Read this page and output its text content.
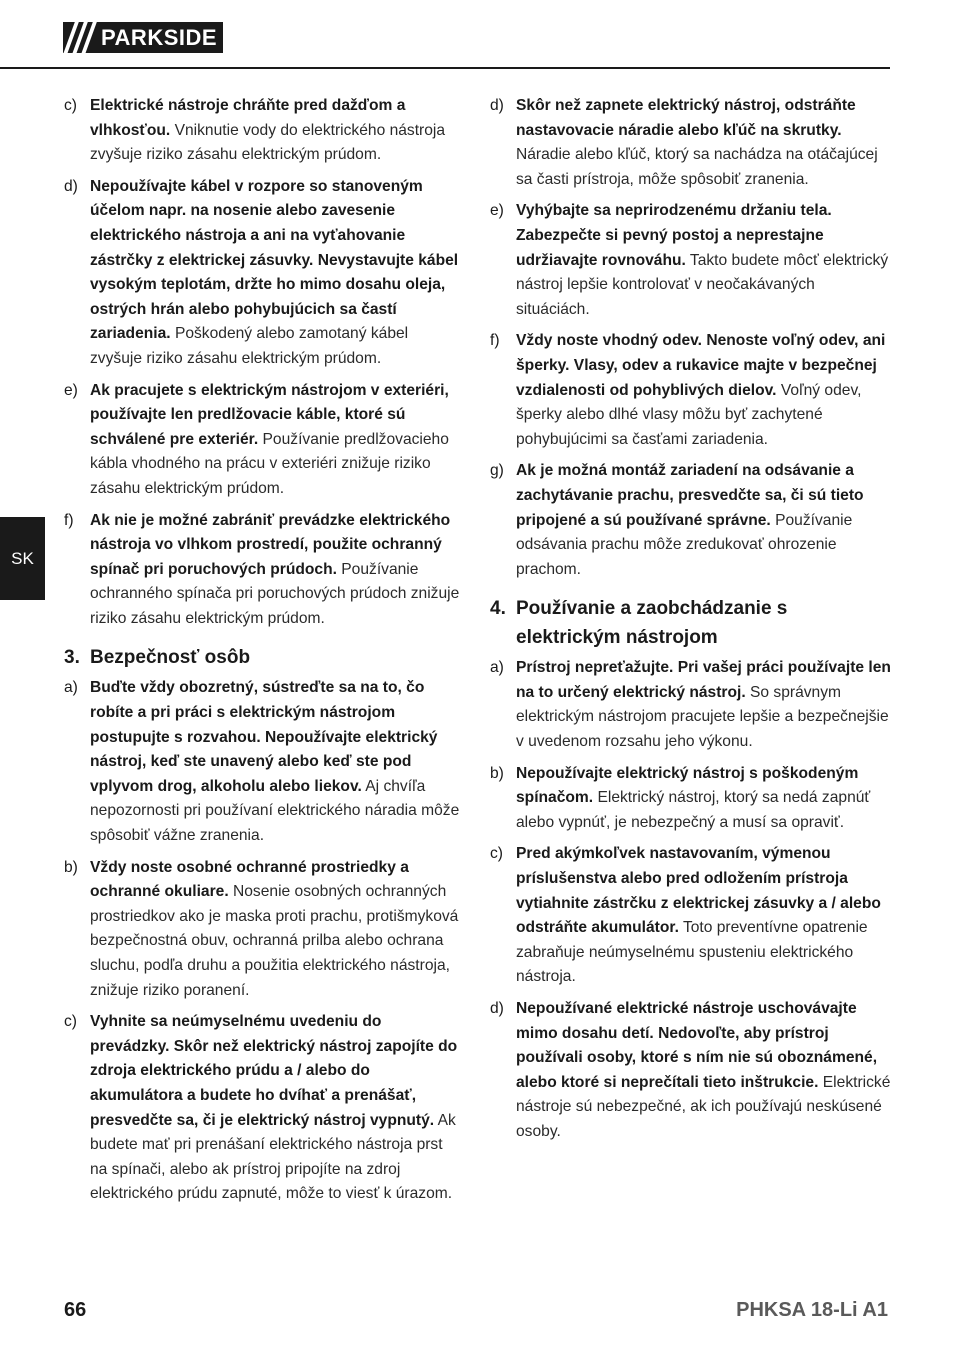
PARKSIDE
SK
c) Elektrické nástroje chráňte pred dažďom a vlhkosťou. Vniknutie vody do elektrického nástroja zvyšuje riziko zásahu elektrickým prúdom.
d) Nepoužívajte kábel v rozpore so stanoveným účelom napr. na nosenie alebo zavesenie elektrického nástroja a ani na vyťahovanie zástrčky z elektrickej zásuvky. Nevystavujte kábel vysokým teplotám, držte ho mimo dosahu oleja, ostrých hrán alebo pohybujúcich sa častí zariadenia. Poškodený alebo zamotaný kábel zvyšuje riziko zásahu elektrickým prúdom.
e) Ak pracujete s elektrickým nástrojom v exteriéri, používajte len predlžovacie káble, ktoré sú schválené pre exteriér. Používanie predlžovacieho kábla vhodného na prácu v exteriéri znižuje riziko zásahu elektrickým prúdom.
f)	Ak nie je možné zabrániť prevádzke elektrického nástroja vo vlhkom prostredí, použite ochranný spínač pri poruchových prúdoch. Používanie ochranného spínača pri poruchových prúdoch znižuje riziko zásahu elektrickým prúdom.
3. Bezpečnosť osôb
a) Buďte vždy obozretný, sústreďte sa na to, čo robíte a pri práci s elektrickým nástrojom postupujte s rozvahou. Nepoužívajte elektrický nástroj, keď ste unavený alebo keď ste pod vplyvom drog, alkoholu alebo liekov. Aj chvíľa nepozornosti pri používaní elektrického náradia môže spôsobiť vážne zranenia.
b) Vždy noste osobné ochranné prostriedky a ochranné okuliare. Nosenie osobných ochranných prostriedkov ako je maska proti prachu, protišmyková bezpečnostná obuv, ochranná prilba alebo ochrana sluchu, podľa druhu a použitia elektrického nástroja, znižuje riziko poranení.
c) Vyhnite sa neúmyselnému uvedeniu do prevádzky. Skôr než elektrický nástroj zapojíte do zdroja elektrického prúdu a / alebo do akumulátora a budete ho dvíhať a prenášať, presvedčte sa, či je elektrický nástroj vypnutý. Ak budete mať pri prenášaní elektrického nástroja prst na spínači, alebo ak prístroj pripojíte na zdroj elektrického prúdu zapnuté, môže to viesť k úrazom.
d) Skôr než zapnete elektrický nástroj, odstráňte nastavovacie náradie alebo kľúč na skrutky. Náradie alebo kľúč, ktorý sa nachádza na otáčajúcej sa časti prístroja, môže spôsobiť zranenia.
e) Vyhýbajte sa neprirodzenému držaniu tela. Zabezpečte si pevný postoj a neprestajne udržiavajte rovnováhu. Takto budete môcť elektrický nástroj lepšie kontrolovať v neočakávaných situáciách.
f)	Vždy noste vhodný odev. Nenoste voľný odev, ani šperky. Vlasy, odev a rukavice majte v bezpečnej vzdialenosti od pohyblivých dielov. Voľný odev, šperky alebo dlhé vlasy môžu byť zachytené pohybujúcimi sa časťami zariadenia.
g) Ak je možná montáž zariadení na odsávanie a zachytávanie prachu, presvedčte sa, či sú tieto pripojené a sú používané správne. Používanie odsávania prachu môže zredukovať ohrozenie prachom.
4. Používanie a zaobchádzanie s elektrickým nástrojom
a) Prístroj nepreťažujte. Pri vašej práci používajte len na to určený elektrický nástroj. So správnym elektrickým nástrojom pracujete lepšie a bezpečnejšie v uvedenom rozsahu jeho výkonu.
b) Nepoužívajte elektrický nástroj s poškodeným spínačom. Elektrický nástroj, ktorý sa nedá zapnúť alebo vypnúť, je nebezpečný a musí sa opraviť.
c) Pred akýmkoľvek nastavovaním, výmenou príslušenstva alebo pred odložením prístroja vytiahnite zástrčku z elektrickej zásuvky a / alebo odstráňte akumulátor. Toto preventívne opatrenie zabraňuje neúmyselnému spusteniu elektrického nástroja.
d) Nepoužívané elektrické nástroje uschovávajte mimo dosahu detí. Nedovoľte, aby prístroj používali osoby, ktoré s ním nie sú oboznámené, alebo ktoré si neprečítali tieto inštrukcie. Elektrické nástroje sú nebezpečné, ak ich používajú neskúsené osoby.
66	PHKSA 18-Li A1
